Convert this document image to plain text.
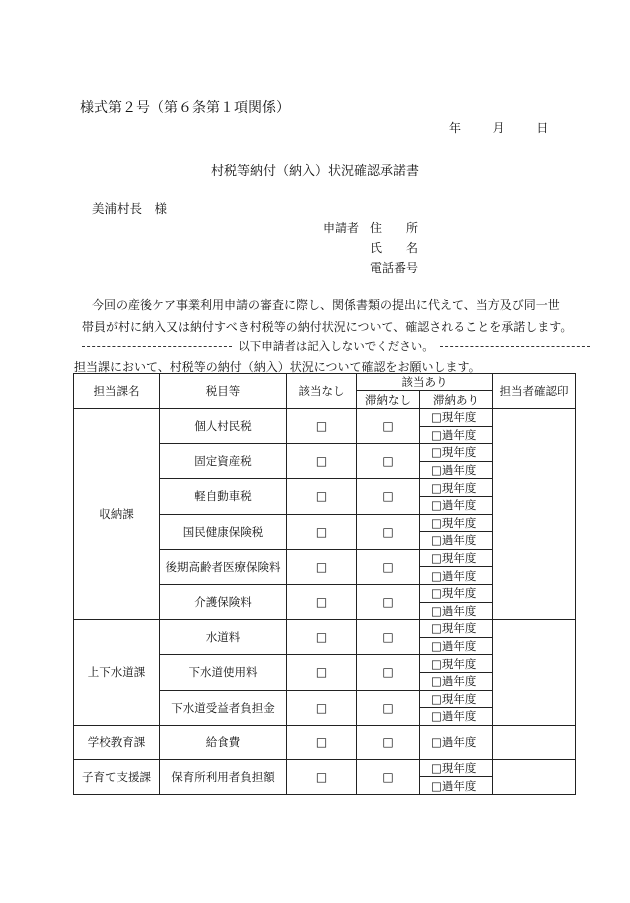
様式第２号（第６条第１項関係）
年	月	日
村税等納付（納入）状況確認承諾書
美浦村長　様
申請者 住　　所
氏　　名
電話番号
今回の産後ケア事業利用申請の審査に際し、関係書類の提出に代えて、当方及び同一世
帯員が村に納入又は納付すべき村税等の納付状況について、確認されることを承諾します。
以下申請者は記入しないでください。
担当課において、村税等の納付（納入）状況について確認をお願いします。
担当課名	税目等	該当なし	該当あり		担当者確認印
			滞納なし	滞納あり	
収納課	個人村民税	□	□	□現年度	
				□過年度	
	固定資産税	□	□	□現年度	
				□過年度	
	軽自動車税	□	□	□現年度	
				□過年度	
	国民健康保険税	□	□	□現年度	
				□過年度	
	後期高齢者医療保険料	□	□	□現年度	
				□過年度	
	介護保険料	□	□	□現年度	
				□過年度	
上下水道課	水道料	□	□	□現年度	
				□過年度	
	下水道使用料	□	□	□現年度	
				□過年度	
	下水道受益者負担金	□	□	□現年度	
				□過年度	
学校教育課	給食費	□	□	□過年度	
子育て支援課	保育所利用者負担額	□	□	□現年度	
				□過年度	
